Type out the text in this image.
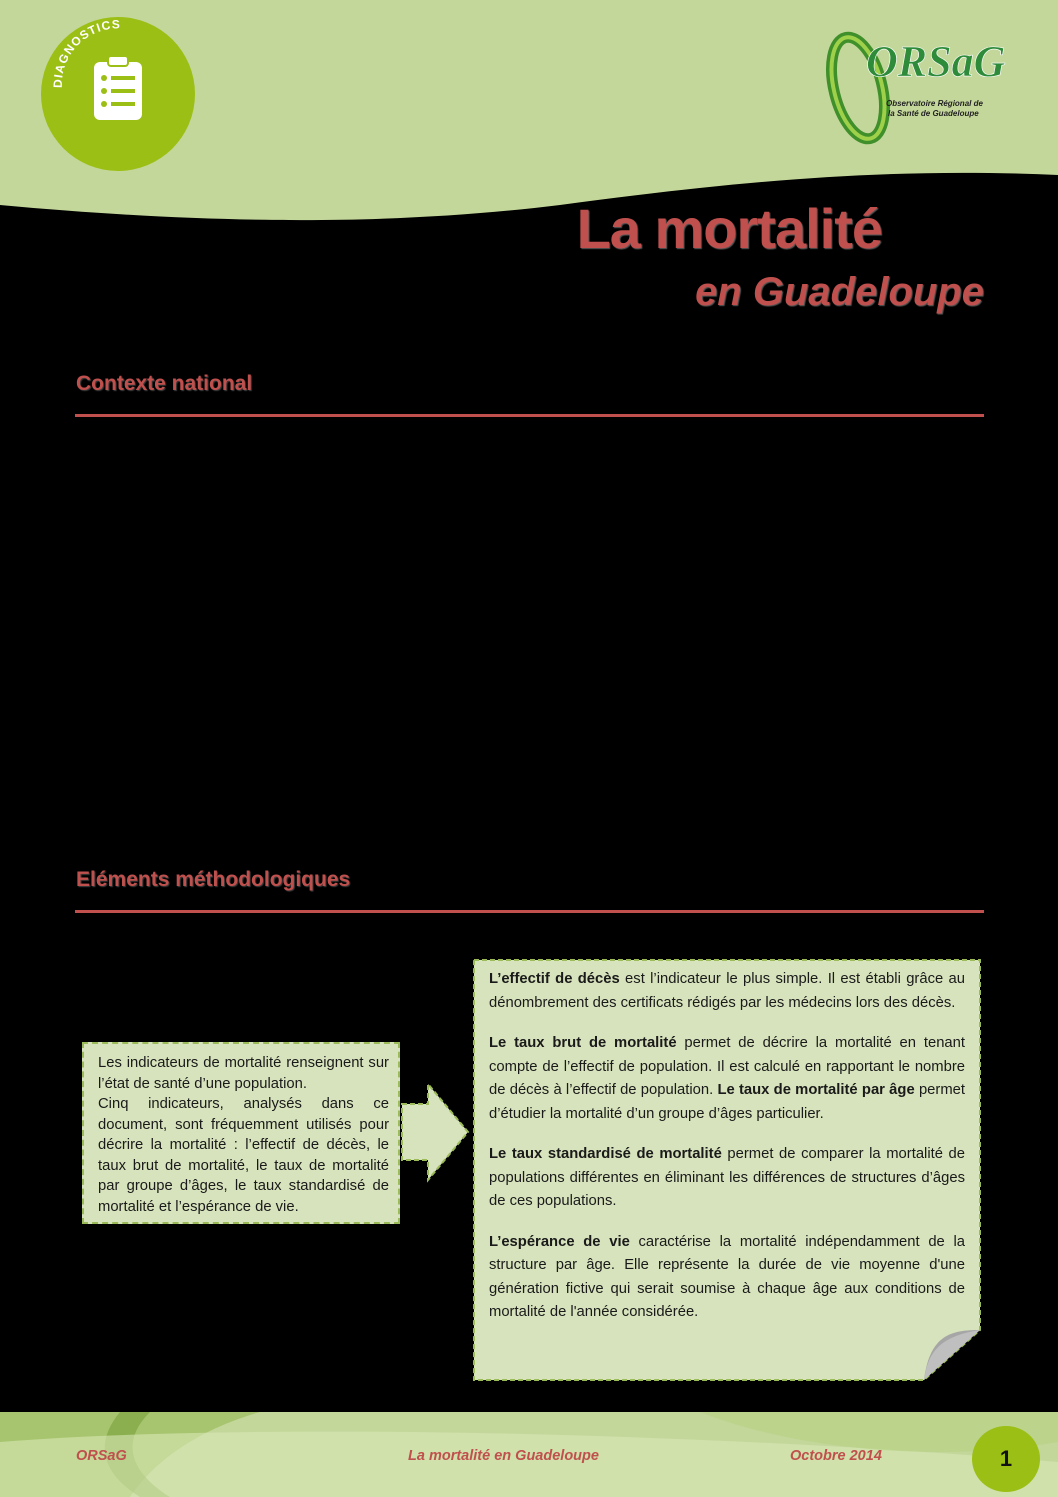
DIAGNOSTICS
ORSaG
Observatoire Régional de
la Santé de Guadeloupe
La mortalité
en Guadeloupe
Contexte national
Eléments méthodologiques
Les indicateurs de mortalité renseignent sur l’état de santé d’une population.
Cinq indicateurs, analysés dans ce document, sont fréquemment utilisés pour décrire la mortalité : l’effectif de décès, le taux brut de mortalité, le taux de mortalité par groupe d’âges, le taux standardisé de mortalité et l’espérance de vie.

L’effectif de décès est l’indicateur le plus simple. Il est établi grâce au dénombrement des certificats rédigés par les médecins lors des décès.

Le taux brut de mortalité permet de décrire la mortalité en tenant compte de l’effectif de population. Il est calculé en rapportant le nombre de décès à l’effectif de population. Le taux de mortalité par âge permet d’étudier la mortalité d’un groupe d’âges particulier.

Le taux standardisé de mortalité permet de comparer la mortalité de populations différentes en éliminant les différences de structures d’âges de ces populations.

L’espérance de vie caractérise la mortalité indépendamment de la structure par âge. Elle représente la durée de vie moyenne d'une génération fictive qui serait soumise à chaque âge aux conditions de mortalité de l'année considérée.

ORSaG	La mortalité en Guadeloupe	Octobre 2014	1
